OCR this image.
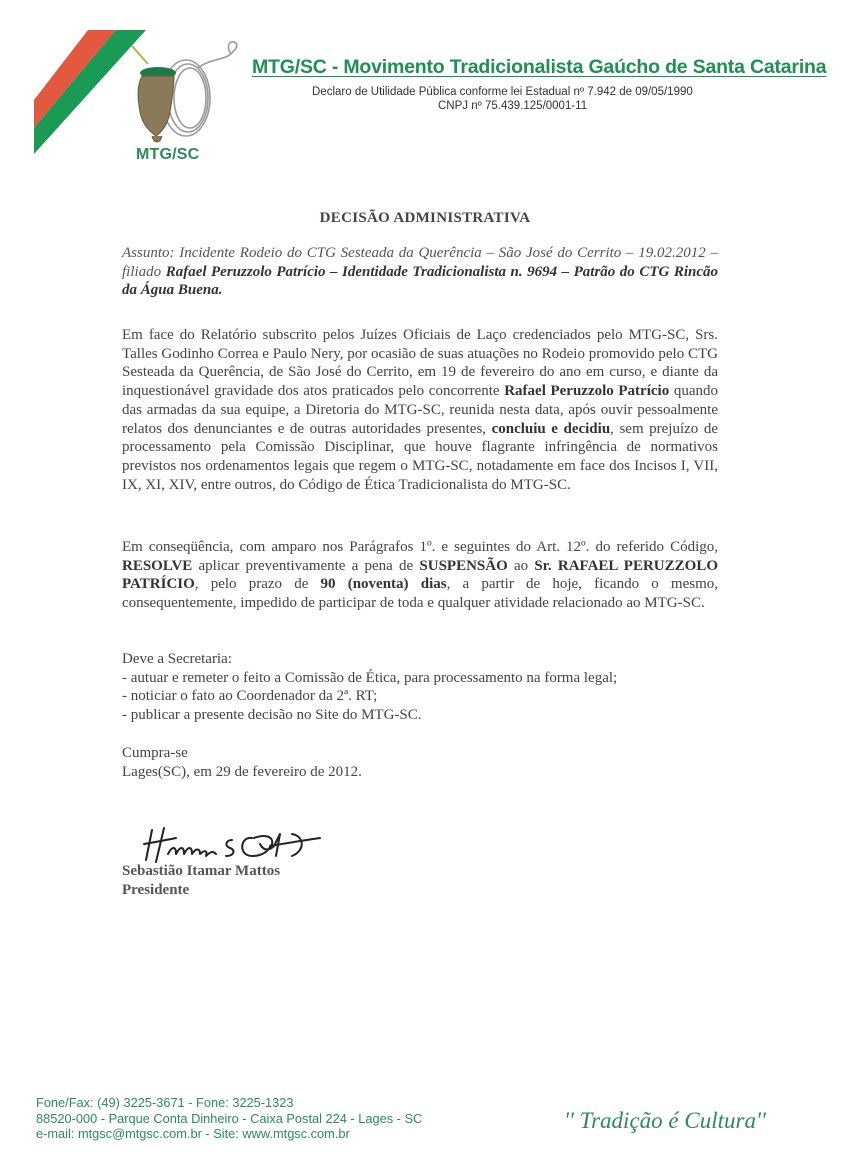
MTG/SC
MTG/SC - Movimento Tradicionalista Gaúcho de Santa Catarina
Declaro de Utilidade Pública conforme lei Estadual nº 7.942 de 09/05/1990
CNPJ nº 75.439.125/0001-11
DECISÃO ADMINISTRATIVA
Assunto: Incidente Rodeio do CTG Sesteada da Querência – São José do Cerrito – 19.02.2012 – filiado Rafael Peruzzolo Patrício – Identidade Tradicionalista n. 9694 – Patrão do CTG Rincão da Água Buena.
Em face do Relatório subscrito pelos Juízes Oficiais de Laço credenciados pelo MTG-SC, Srs. Talles Godinho Correa e Paulo Nery, por ocasião de suas atuações no Rodeio promovido pelo CTG Sesteada da Querência, de São José do Cerrito, em 19 de fevereiro do ano em curso, e diante da inquestionável gravidade dos atos praticados pelo concorrente Rafael Peruzzolo Patrício quando das armadas da sua equipe, a Diretoria do MTG-SC, reunida nesta data, após ouvir pessoalmente relatos dos denunciantes e de outras autoridades presentes, concluiu e decidiu, sem prejuízo de processamento pela Comissão Disciplinar, que houve flagrante infringência de normativos previstos nos ordenamentos legais que regem o MTG-SC, notadamente em face dos Incisos I, VII, IX, XI, XIV, entre outros, do Código de Ética Tradicionalista do MTG-SC.
Em conseqüência, com amparo nos Parágrafos 1º. e seguintes do Art. 12º. do referido Código, RESOLVE aplicar preventivamente a pena de SUSPENSÃO ao Sr. RAFAEL PERUZZOLO PATRÍCIO, pelo prazo de 90 (noventa) dias, a partir de hoje, ficando o mesmo, consequentemente, impedido de participar de toda e qualquer atividade relacionado ao MTG-SC.
Deve a Secretaria:
- autuar e remeter o feito a Comissão de Ética, para processamento na forma legal;
- noticiar o fato ao Coordenador da 2ª. RT;
- publicar a presente decisão no Site do MTG-SC.
Cumpra-se
Lages(SC), em 29 de fevereiro de 2012.
Sebastião Itamar Mattos
Presidente
Fone/Fax: (49) 3225-3671 - Fone: 3225-1323
88520-000 - Parque Conta Dinheiro - Caixa Postal 224 - Lages - SC
e-mail: mtgsc@mtgsc.com.br - Site: www.mtgsc.com.br
'' Tradição é Cultura''
